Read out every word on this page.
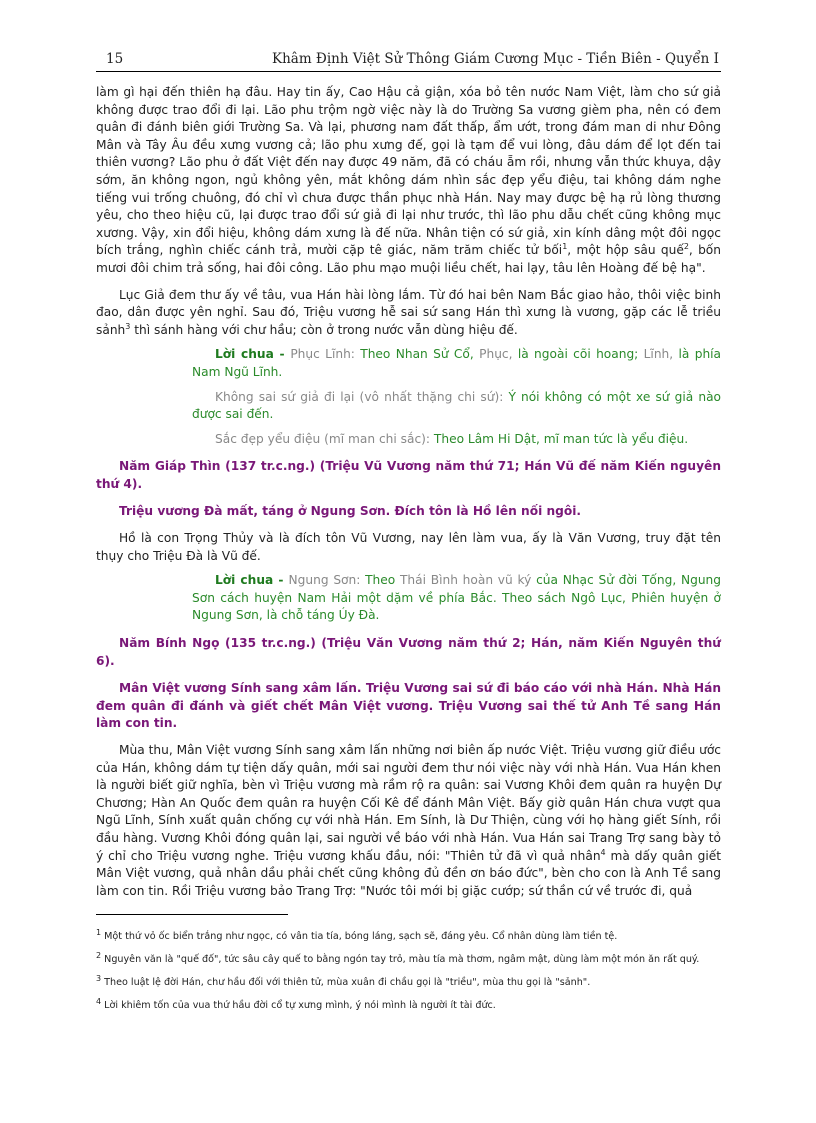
15	Khâm Định Việt Sử Thông Giám Cương Mục - Tiền Biên - Quyển I

làm gì hại đến thiên hạ đâu. Hay tin ấy, Cao Hậu cả giận, xóa bỏ tên nước Nam Việt, làm cho sứ giả không được trao đổi đi lại. Lão phu trộm ngờ việc này là do Trường Sa vương gièm pha, nên có đem quân đi đánh biên giới Trường Sa. Và lại, phương nam đất thấp, ẩm ướt, trong đám man di như Đông Mân và Tây Âu đều xưng vương cả; lão phu xưng đế, gọi là tạm để vui lòng, đâu dám để lọt đến tai thiên vương? Lão phu ở đất Việt đến nay được 49 năm, đã có cháu ẵm rồi, nhưng vẫn thức khuya, dậy sớm, ăn không ngon, ngủ không yên, mắt không dám nhìn sắc đẹp yểu điệu, tai không dám nghe tiếng vui trống chuông, đó chỉ vì chưa được thần phục nhà Hán. Nay may được bệ hạ rủ lòng thương yêu, cho theo hiệu cũ, lại được trao đổi sứ giả đi lại như trước, thì lão phu dẫu chết cũng không mục xương. Vậy, xin đổi hiệu, không dám xưng là đế nữa. Nhân tiện có sứ giả, xin kính dâng một đôi ngọc bích trắng, nghìn chiếc cánh trả, mười cặp tê giác, năm trăm chiếc tử bối$^1$, một hộp sâu quế$^2$, bốn mươi đôi chim trả sống, hai đôi công. Lão phu mạo muội liều chết, hai lạy, tâu lên Hoàng đế bệ hạ".

Lục Giả đem thư ấy về tâu, vua Hán hài lòng lắm. Từ đó hai bên Nam Bắc giao hảo, thôi việc binh đao, dân được yên nghỉ. Sau đó, Triệu vương hễ sai sứ sang Hán thì xưng là vương, gặp các lễ triều sảnh$^3$ thì sánh hàng với chư hầu; còn ở trong nước vẫn dùng hiệu đế.

Lời chua - Phục Lĩnh: Theo Nhan Sử Cổ, Phục, là ngoài cõi hoang; Lĩnh, là phía Nam Ngũ Lĩnh.

Không sai sứ giả đi lại (vô nhất thặng chi sứ): Ý nói không có một xe sứ giả nào được sai đến.

Sắc đẹp yểu điệu (mĩ man chi sắc): Theo Lâm Hi Dật, mĩ man tức là yểu điệu.

Năm Giáp Thìn (137 tr.c.ng.) (Triệu Vũ Vương năm thứ 71; Hán Vũ đế năm Kiến nguyên thứ 4).

Triệu vương Đà mất, táng ở Ngung Sơn. Đích tôn là Hồ lên nối ngôi.

Hồ là con Trọng Thủy và là đích tôn Vũ Vương, nay lên làm vua, ấy là Văn Vương, truy đặt tên thụy cho Triệu Đà là Vũ đế.

Lời chua - Ngung Sơn: Theo Thái Bình hoàn vũ ký của Nhạc Sử đời Tống, Ngung Sơn cách huyện Nam Hải một dặm về phía Bắc. Theo sách Ngô Lục, Phiên huyện ở Ngung Sơn, là chỗ táng Úy Đà.

Năm Bính Ngọ (135 tr.c.ng.) (Triệu Văn Vương năm thứ 2; Hán, năm Kiến Nguyên thứ 6).

Mân Việt vương Sính sang xâm lấn. Triệu Vương sai sứ đi báo cáo với nhà Hán. Nhà Hán đem quân đi đánh và giết chết Mân Việt vương. Triệu Vương sai thế tử Anh Tề sang Hán làm con tin.

Mùa thu, Mân Việt vương Sính sang xâm lấn những nơi biên ấp nước Việt. Triệu vương giữ điều ước của Hán, không dám tự tiện dấy quân, mới sai người đem thư nói việc này với nhà Hán. Vua Hán khen là người biết giữ nghĩa, bèn vì Triệu vương mà rầm rộ ra quân: sai Vương Khôi đem quân ra huyện Dự Chương; Hàn An Quốc đem quân ra huyện Cối Kê để đánh Mân Việt. Bấy giờ quân Hán chưa vượt qua Ngũ Lĩnh, Sính xuất quân chống cự với nhà Hán. Em Sính, là Dư Thiện, cùng với họ hàng giết Sính, rồi đầu hàng. Vương Khôi đóng quân lại, sai người về báo với nhà Hán. Vua Hán sai Trang Trợ sang bày tỏ ý chỉ cho Triệu vương nghe. Triệu vương khấu đầu, nói: "Thiên tử đã vì quả nhân$^4$ mà dấy quân giết Mân Việt vương, quả nhân dầu phải chết cũng không đủ đền ơn báo đức", bèn cho con là Anh Tề sang làm con tin. Rồi Triệu vương bảo Trang Trợ: "Nước tôi mới bị giặc cướp; sứ thần cứ về trước đi, quả

$^1$ Một thứ vỏ ốc biển trắng như ngọc, có vân tia tía, bóng láng, sạch sẽ, đáng yêu. Cổ nhân dùng làm tiền tệ.

$^2$ Nguyên văn là "quế đố", tức sâu cây quế to bằng ngón tay trỏ, màu tía mà thơm, ngâm mật, dùng làm một món ăn rất quý.

$^3$ Theo luật lệ đời Hán, chư hầu đối với thiên tử, mùa xuân đi chầu gọi là "triều", mùa thu gọi là "sảnh".

$^4$ Lời khiêm tốn của vua thứ hầu đời cổ tự xưng mình, ý nói mình là người ít tài đức.
